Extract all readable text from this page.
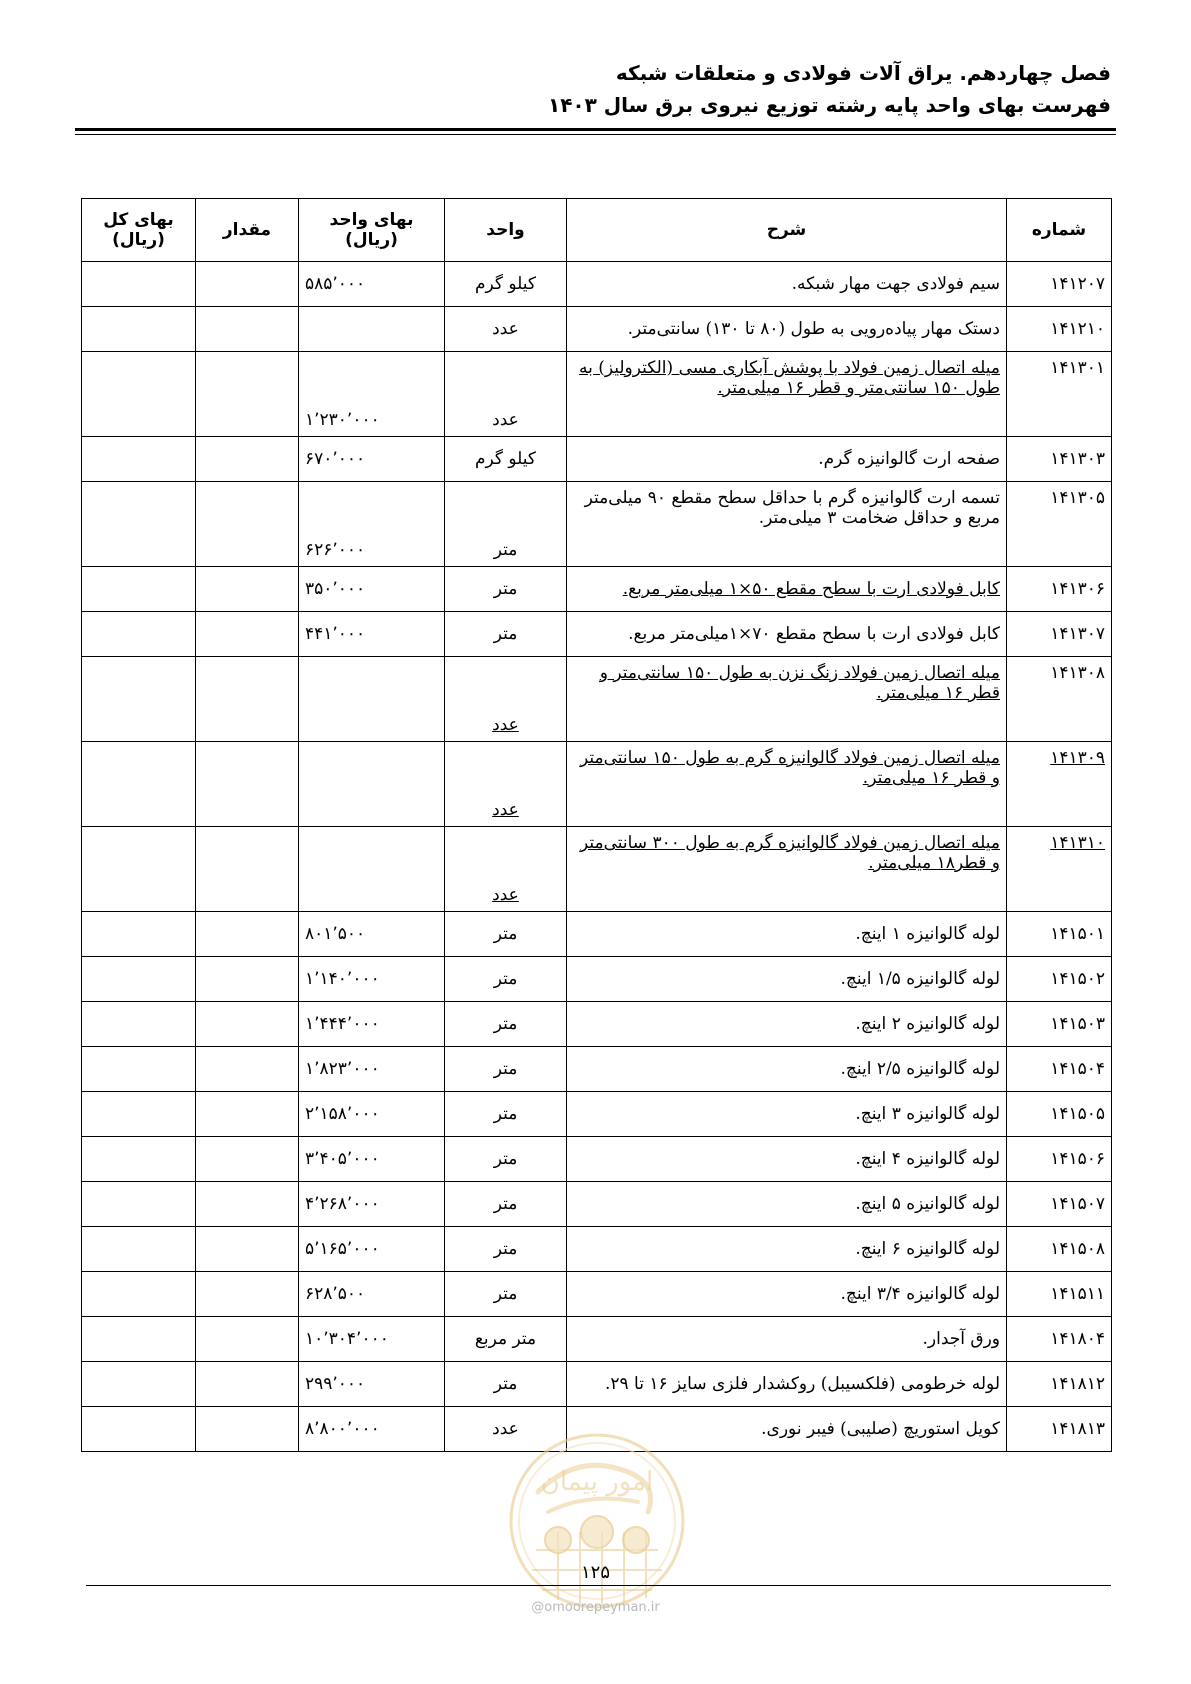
فصل چهاردهم. یراق آلات فولادی و متعلقات شبکه
فهرست بهای واحد پایه رشته توزیع نیروی برق سال ۱۴۰۳
شماره	شرح	واحد	بهای واحد (ریال)	مقدار	بهای کل (ریال)
۱۴۱۲۰۷	سیم فولادی جهت مهار شبکه.	کیلو گرم	۵۸۵٬۰۰۰		
۱۴۱۲۱۰	دستک مهار پیاده‌رویی به طول (۸۰ تا ۱۳۰) سانتی‌متر.	عدد			
۱۴۱۳۰۱	میله اتصال زمین فولاد با پوشش آبکاری مسی (الکترولیز) به طول ۱۵۰ سانتی‌متر و قطر ۱۶ میلی‌متر.	عدد	۱٬۲۳۰٬۰۰۰		
۱۴۱۳۰۳	صفحه ارت گالوانیزه گرم.	کیلو گرم	۶۷۰٬۰۰۰		
۱۴۱۳۰۵	تسمه ارت گالوانیزه گرم با حداقل سطح مقطع ۹۰ میلی‌متر مربع و حداقل ضخامت ۳ میلی‌متر.	متر	۶۲۶٬۰۰۰		
۱۴۱۳۰۶	کابل فولادی ارت با سطح مقطع ۵۰×۱ میلی‌متر مربع.	متر	۳۵۰٬۰۰۰		
۱۴۱۳۰۷	کابل فولادی ارت با سطح مقطع ۷۰×۱میلی‌متر مربع.	متر	۴۴۱٬۰۰۰		
۱۴۱۳۰۸	میله اتصال زمین فولاد زنگ نزن به طول ۱۵۰ سانتی‌متر و قطر ۱۶ میلی‌متر.	عدد			
۱۴۱۳۰۹	میله اتصال زمین فولاد گالوانیزه گرم به طول ۱۵۰ سانتی‌متر و قطر ۱۶ میلی‌متر.	عدد			
۱۴۱۳۱۰	میله اتصال زمین فولاد گالوانیزه گرم به طول ۳۰۰ سانتی‌متر و قطر۱۸ میلی‌متر.	عدد			
۱۴۱۵۰۱	لوله گالوانیزه ۱ اینچ.	متر	۸۰۱٬۵۰۰		
۱۴۱۵۰۲	لوله گالوانیزه ۱/۵ اینچ.	متر	۱٬۱۴۰٬۰۰۰		
۱۴۱۵۰۳	لوله گالوانیزه ۲ اینچ.	متر	۱٬۴۴۴٬۰۰۰		
۱۴۱۵۰۴	لوله گالوانیزه ۲/۵ اینچ.	متر	۱٬۸۲۳٬۰۰۰		
۱۴۱۵۰۵	لوله گالوانیزه ۳ اینچ.	متر	۲٬۱۵۸٬۰۰۰		
۱۴۱۵۰۶	لوله گالوانیزه ۴ اینچ.	متر	۳٬۴۰۵٬۰۰۰		
۱۴۱۵۰۷	لوله گالوانیزه ۵ اینچ.	متر	۴٬۲۶۸٬۰۰۰		
۱۴۱۵۰۸	لوله گالوانیزه ۶ اینچ.	متر	۵٬۱۶۵٬۰۰۰		
۱۴۱۵۱۱	لوله گالوانیزه ۳/۴ اینچ.	متر	۶۲۸٬۵۰۰		
۱۴۱۸۰۴	ورق آجدار.	متر مربع	۱۰٬۳۰۴٬۰۰۰		
۱۴۱۸۱۲	لوله خرطومی (فلکسیبل) روکشدار فلزی سایز ۱۶ تا ۲۹.	متر	۲۹۹٬۰۰۰		
۱۴۱۸۱۳	کویل استوریچ (صلیبی) فیبر نوری.	عدد	۸٬۸۰۰٬۰۰۰		
امور پیمان
۱۲۵
@omoorepeyman.ir
